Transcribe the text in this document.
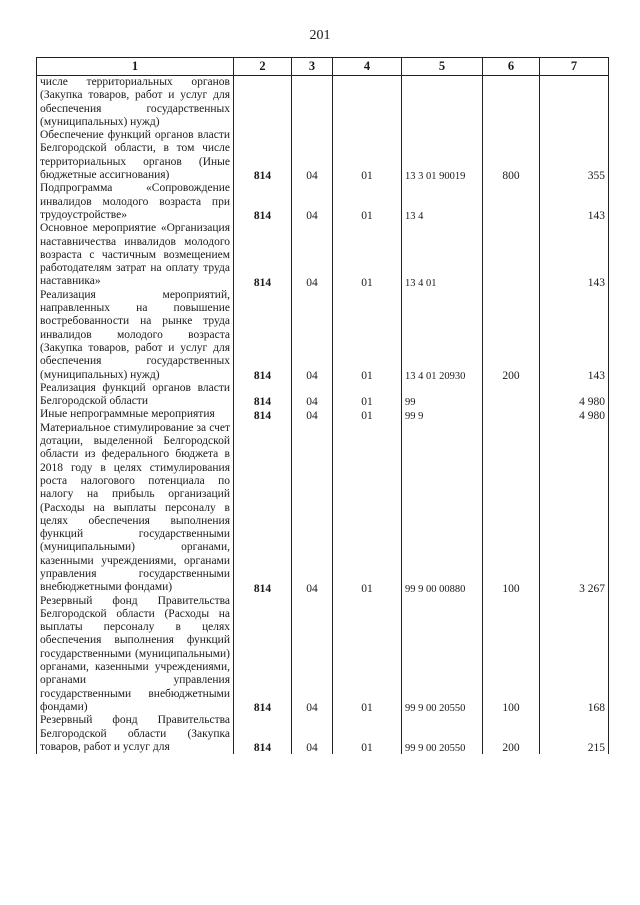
201
1	2	3	4	5	6	7
числе территориальных органов (Закупка товаров, работ и услуг для обеспечения государственных (муниципальных) нужд)						
Обеспечение функций органов власти Белгородской области, в том числе территориальных органов (Иные бюджетные ассигнования)	814	04	01	13 3 01 90019	800	355
Подпрограмма «Сопровождение инвалидов молодого возраста при трудоустройстве»	814	04	01	13 4		143
Основное мероприятие «Организация наставничества инвалидов молодого возраста с частичным возмещением работодателям затрат на оплату труда наставника»	814	04	01	13 4 01		143
Реализация мероприятий, направленных на повышение востребованности на рынке труда инвалидов молодого возраста (Закупка товаров, работ и услуг для обеспечения государственных (муниципальных) нужд)	814	04	01	13 4 01 20930	200	143
Реализация функций органов власти Белгородской области	814	04	01	99		4 980
Иные непрограммные мероприятия	814	04	01	99 9		4 980
Материальное стимулирование за счет дотации, выделенной Белгородской области из федерального бюджета в 2018 году в целях стимулирования роста налогового потенциала по налогу на прибыль организаций (Расходы на выплаты персоналу в целях обеспечения выполнения функций государственными (муниципальными) органами, казенными учреждениями, органами управления государственными внебюджетными фондами)	814	04	01	99 9 00 00880	100	3 267
Резервный фонд Правительства Белгородской области (Расходы на выплаты персоналу в целях обеспечения выполнения функций государственными (муниципальными) органами, казенными учреждениями, органами управления государственными внебюджетными фондами)	814	04	01	99 9 00 20550	100	168
Резервный фонд Правительства Белгородской области (Закупка товаров, работ и услуг для	814	04	01	99 9 00 20550	200	215
